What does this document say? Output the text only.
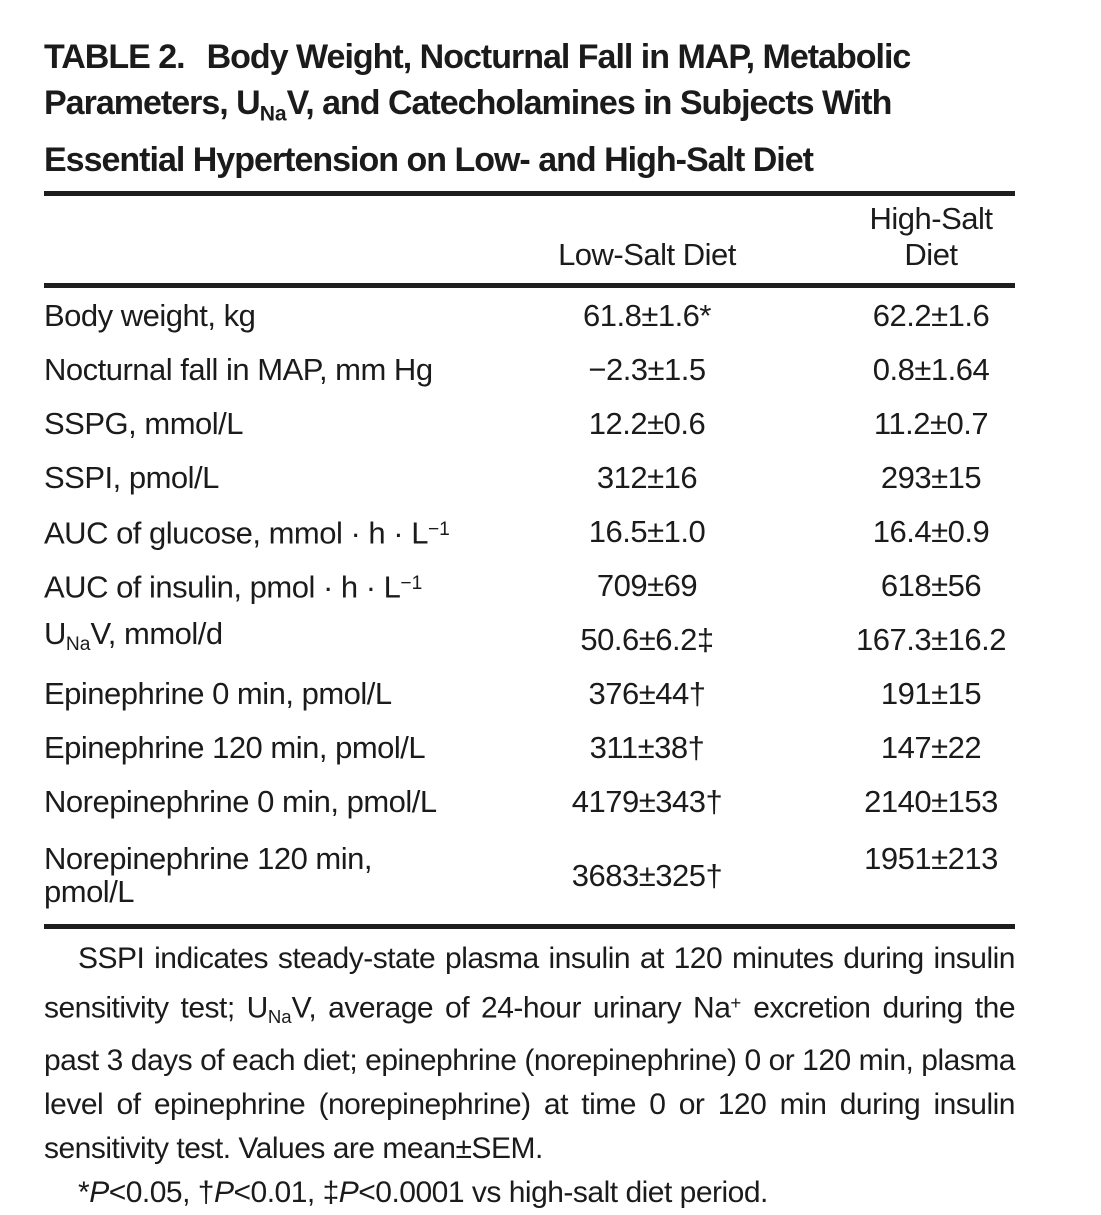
TABLE 2. Body Weight, Nocturnal Fall in MAP, Metabolic Parameters, $U_{Na}V$, and Catecholamines in Subjects With Essential Hypertension on Low- and High-Salt Diet
	Low-Salt Diet	High-Salt
Diet

Body weight, kg	61.8±1.6*	62.2±1.6
Nocturnal fall in MAP, mm Hg	−2.3±1.5	0.8±1.64
SSPG, mmol/L	12.2±0.6	11.2±0.7
SSPI, pmol/L	312±16	293±15
AUC of glucose, mmol · $h \cdot L^{-1}$	16.5±1.0	16.4±0.9
AUC of insulin, pmol · $h \cdot L^{-1}$	709±69	618±56
$U_{Na}V$, mmol/d	50.6±6.2‡	167.3±16.2
Epinephrine 0 min, pmol/L	376±44†	191±15
Epinephrine 120 min, pmol/L	311±38†	147±22
Norepinephrine 0 min, pmol/L	4179±343†	2140±153
Norepinephrine 120 min,
pmol/L	3683±325†	1951±213

SSPI indicates steady-state plasma insulin at 120 minutes during insulin sensitivity test; $U_{Na}V$, average of 24-hour urinary Na+ excretion during the past 3 days of each diet; epinephrine (norepinephrine) 0 or 120 min, plasma level of epinephrine (norepinephrine) at time 0 or 120 min during insulin sensitivity test. Values are mean±SEM.

*P<0.05, †P<0.01, ‡P<0.0001 vs high-salt diet period.
